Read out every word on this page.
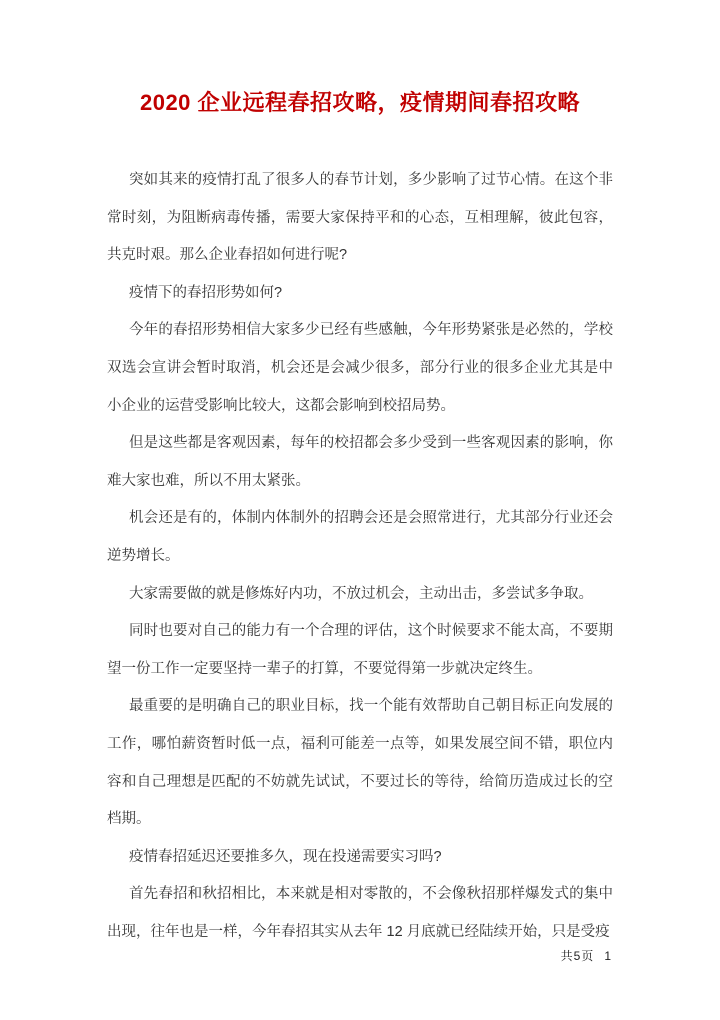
2020 企业远程春招攻略，疫情期间春招攻略

突如其来的疫情打乱了很多人的春节计划，多少影响了过节心情。在这个非常时刻，为阻断病毒传播，需要大家保持平和的心态，互相理解，彼此包容，共克时艰。那么企业春招如何进行呢?

疫情下的春招形势如何?

今年的春招形势相信大家多少已经有些感触，今年形势紧张是必然的，学校双选会宣讲会暂时取消，机会还是会减少很多，部分行业的很多企业尤其是中小企业的运营受影响比较大，这都会影响到校招局势。

但是这些都是客观因素，每年的校招都会多少受到一些客观因素的影响，你难大家也难，所以不用太紧张。

机会还是有的，体制内体制外的招聘会还是会照常进行，尤其部分行业还会逆势增长。

大家需要做的就是修炼好内功，不放过机会，主动出击，多尝试多争取。

同时也要对自己的能力有一个合理的评估，这个时候要求不能太高，不要期望一份工作一定要坚持一辈子的打算，不要觉得第一步就决定终生。

最重要的是明确自己的职业目标，找一个能有效帮助自己朝目标正向发展的工作，哪怕薪资暂时低一点，福利可能差一点等，如果发展空间不错，职位内容和自己理想是匹配的不妨就先试试，不要过长的等待，给简历造成过长的空档期。

疫情春招延迟还要推多久，现在投递需要实习吗?

首先春招和秋招相比，本来就是相对零散的，不会像秋招那样爆发式的集中出现，往年也是一样，今年春招其实从去年 12 月底就已经陆续开始，只是受疫

共5页 1
